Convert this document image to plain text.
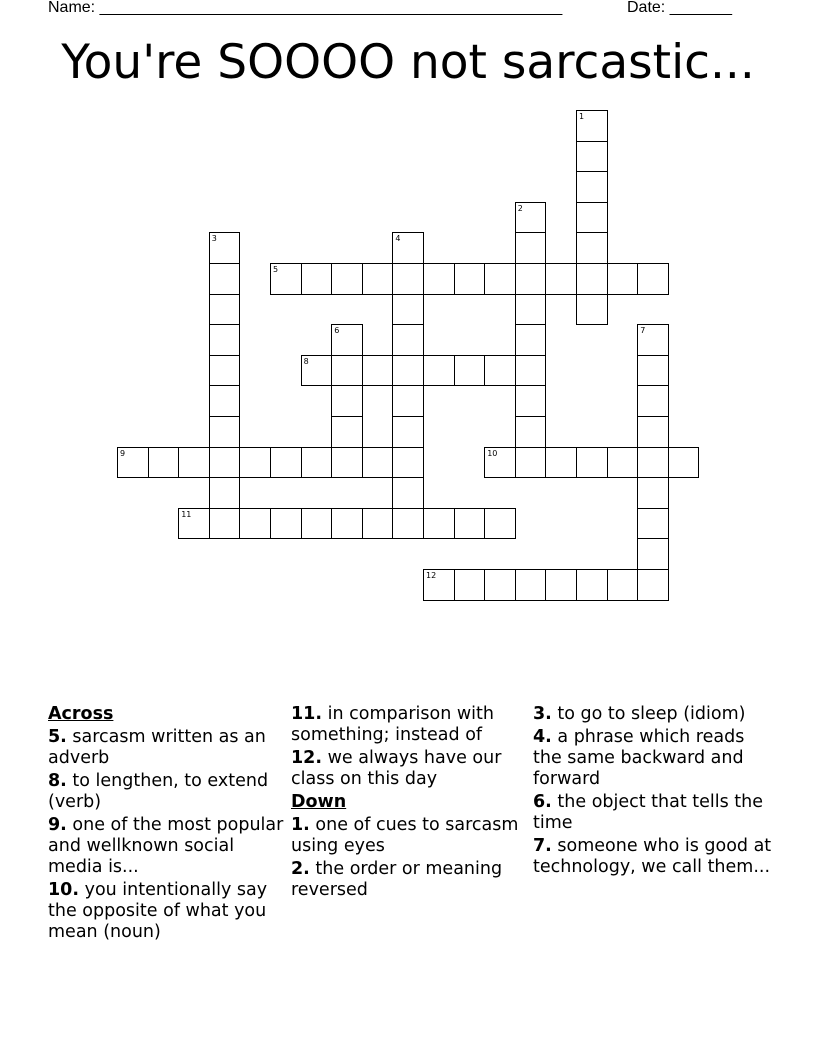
Name: ____________________________________________________	Date: _______
You're SOOOO not sarcastic...
1
2
3	4
5
6	7
8
9	10
11
12
Across
5. sarcasm written as an adverb
8. to lengthen, to extend (verb)
9. one of the most popular and wellknown social media is...
10. you intentionally say the opposite of what you mean (noun)
11. in comparison with something; instead of
12. we always have our class on this day
Down
1. one of cues to sarcasm using eyes
2. the order or meaning reversed
3. to go to sleep (idiom)
4. a phrase which reads the same backward and forward
6. the object that tells the time
7. someone who is good at technology, we call them...
